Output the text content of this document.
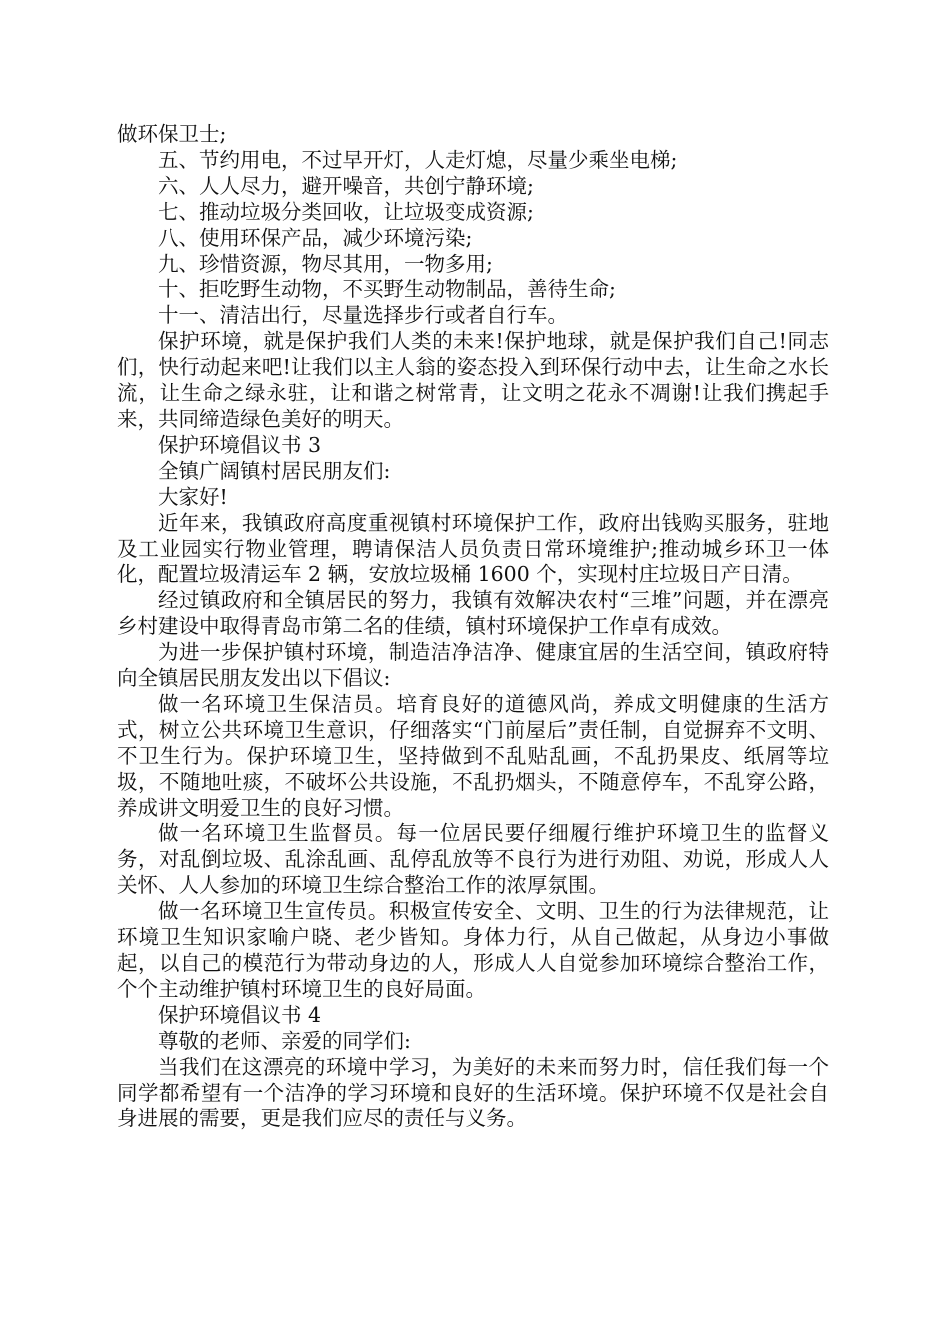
做环保卫士;

五、节约用电，不过早开灯，人走灯熄，尽量少乘坐电梯;

六、人人尽力，避开噪音，共创宁静环境;

七、推动垃圾分类回收，让垃圾变成资源;

八、使用环保产品，减少环境污染;

九、珍惜资源，物尽其用，一物多用;

十、拒吃野生动物，不买野生动物制品，善待生命;

十一、清洁出行，尽量选择步行或者自行车。

保护环境，就是保护我们人类的未来!保护地球，就是保护我们自己!同志们，快行动起来吧!让我们以主人翁的姿态投入到环保行动中去，让生命之水长流，让生命之绿永驻，让和谐之树常青，让文明之花永不凋谢!让我们携起手来，共同缔造绿色美好的明天。

保护环境倡议书 3

全镇广阔镇村居民朋友们:

大家好!

近年来，我镇政府高度重视镇村环境保护工作，政府出钱购买服务，驻地及工业园实行物业管理，聘请保洁人员负责日常环境维护;推动城乡环卫一体化，配置垃圾清运车 2 辆，安放垃圾桶 1600 个，实现村庄垃圾日产日清。

经过镇政府和全镇居民的努力，我镇有效解决农村“三堆”问题，并在漂亮乡村建设中取得青岛市第二名的佳绩，镇村环境保护工作卓有成效。

为进一步保护镇村环境，制造洁净洁净、健康宜居的生活空间，镇政府特向全镇居民朋友发出以下倡议:

做一名环境卫生保洁员。培育良好的道德风尚，养成文明健康的生活方式，树立公共环境卫生意识，仔细落实“门前屋后”责任制，自觉摒弃不文明、不卫生行为。保护环境卫生，坚持做到不乱贴乱画，不乱扔果皮、纸屑等垃圾，不随地吐痰，不破坏公共设施，不乱扔烟头，不随意停车，不乱穿公路，养成讲文明爱卫生的良好习惯。

做一名环境卫生监督员。每一位居民要仔细履行维护环境卫生的监督义务，对乱倒垃圾、乱涂乱画、乱停乱放等不良行为进行劝阻、劝说，形成人人关怀、人人参加的环境卫生综合整治工作的浓厚氛围。

做一名环境卫生宣传员。积极宣传安全、文明、卫生的行为法律规范，让环境卫生知识家喻户晓、老少皆知。身体力行，从自己做起，从身边小事做起，以自己的模范行为带动身边的人，形成人人自觉参加环境综合整治工作，个个主动维护镇村环境卫生的良好局面。

保护环境倡议书 4

尊敬的老师、亲爱的同学们:

当我们在这漂亮的环境中学习，为美好的未来而努力时，信任我们每一个同学都希望有一个洁净的学习环境和良好的生活环境。保护环境不仅是社会自身进展的需要，更是我们应尽的责任与义务。
